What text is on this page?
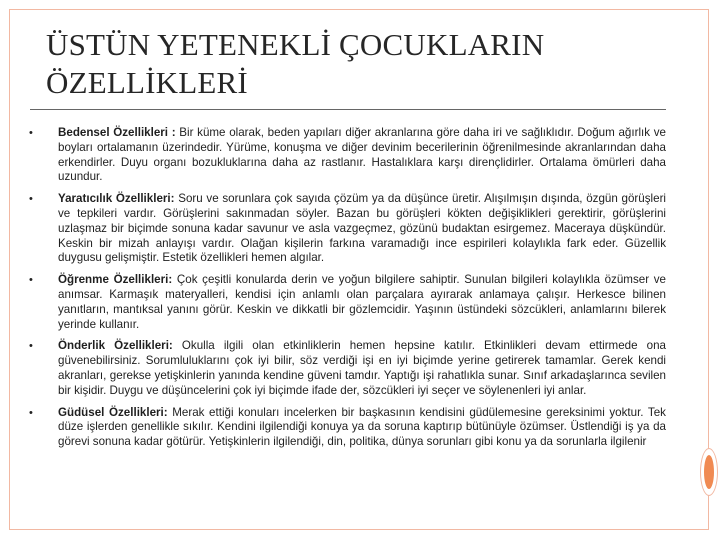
ÜSTÜN YETENEKLİ ÇOCUKLARIN
ÖZELLİKLERİ
• Bedensel Özellikleri : Bir küme olarak, beden yapıları diğer akranlarına göre daha iri ve sağlıklıdır. Doğum ağırlık ve boyları ortalamanın üzerindedir. Yürüme, konuşma ve diğer devinim becerilerinin öğrenilmesinde akranlarından daha erkendirler. Duyu organı bozukluklarına daha az rastlanır. Hastalıklara karşı dirençlidirler. Ortalama ömürleri daha uzundur.

• Yaratıcılık Özellikleri: Soru ve sorunlara çok sayıda çözüm ya da düşünce üretir. Alışılmışın dışında, özgün görüşleri ve tepkileri vardır. Görüşlerini sakınmadan söyler. Bazan bu görüşleri kökten değişiklikleri gerektirir, görüşlerini uzlaşmaz bir biçimde sonuna kadar savunur ve asla vazgeçmez, gözünü budaktan esirgemez. Maceraya düşkündür. Keskin bir mizah anlayışı vardır. Olağan kişilerin farkına varamadığı ince espirileri kolaylıkla fark eder. Güzellik duygusu gelişmiştir. Estetik özellikleri hemen algılar.

• Öğrenme Özellikleri: Çok çeşitli konularda derin ve yoğun bilgilere sahiptir. Sunulan bilgileri kolaylıkla özümser ve anımsar. Karmaşık materyalleri, kendisi için anlamlı olan parçalara ayırarak anlamaya çalışır. Herkesce bilinen yanıtların, mantıksal yanını görür. Keskin ve dikkatli bir gözlemcidir. Yaşının üstündeki sözcükleri, anlamlarını bilerek yerinde kullanır.

• Önderlik Özellikleri: Okulla ilgili olan etkinliklerin hemen hepsine katılır. Etkinlikleri devam ettirmede ona güvenebilirsiniz. Sorumluluklarını çok iyi bilir, söz verdiği işi en iyi biçimde yerine getirerek tamamlar. Gerek kendi akranları, gerekse yetişkinlerin yanında kendine güveni tamdır. Yaptığı işi rahatlıkla sunar. Sınıf arkadaşlarınca sevilen bir kişidir. Duygu ve düşüncelerini çok iyi biçimde ifade der, sözcükleri iyi seçer ve söylenenleri iyi anlar.

• Güdüsel Özellikleri: Merak ettiği konuları incelerken bir başkasının kendisini güdülemesine gereksinimi yoktur. Tek düze işlerden genellikle sıkılır. Kendini ilgilendiği konuya ya da soruna kaptırıp bütünüyle özümser. Üstlendiği iş ya da görevi sonuna kadar götürür. Yetişkinlerin ilgilendiği, din, politika, dünya sorunları gibi konu ya da sorunlarla ilgilenir
